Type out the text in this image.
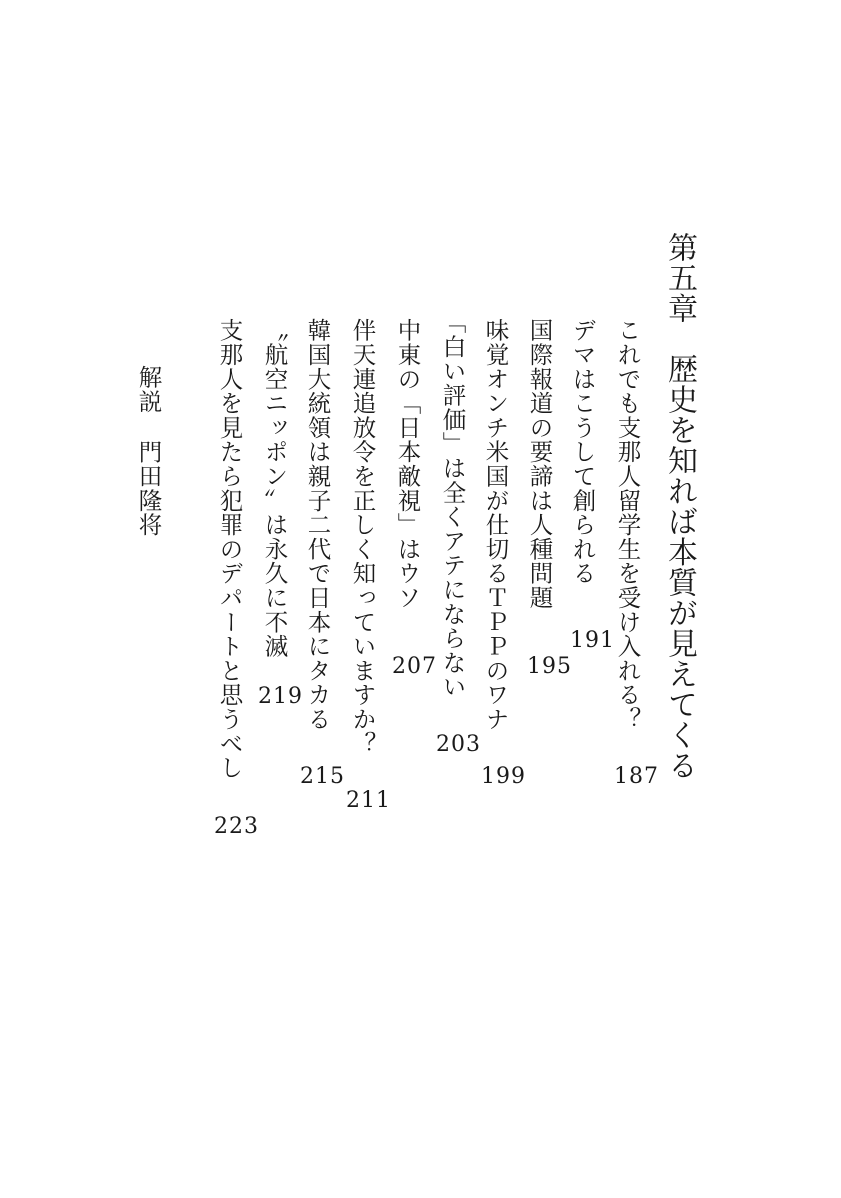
第五章歴史を知れば本質が見えてくる
これでも支那人留学生を受け入れる？
187
デマはこうして創られる
191
国際報道の要諦は人種問題
195
味覚オンチ米国が仕切るＴＰＰのワナ
199
「白い評価」は全くアテにならない
203
中東の「日本敵視」はウソ
207
伴天連追放令を正しく知っていますか？
211
韓国大統領は親子二代で日本にタカる
215
〝航空ニッポン〟は永久に不滅
219
支那人を見たら犯罪のデパートと思うべし
223
解説門田隆将
